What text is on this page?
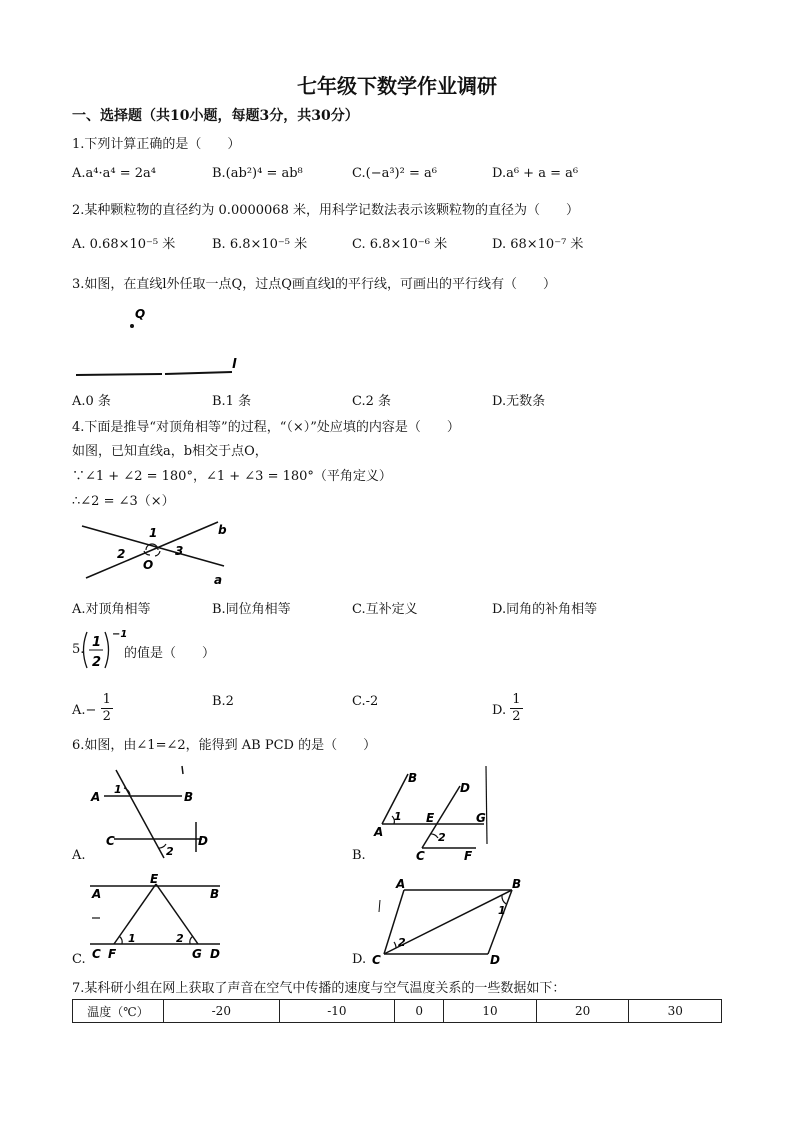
七年级下数学作业调研
一、选择题（共10小题，每题3分，共30分）
1.下列计算正确的是（　　）
A.a⁴·a⁴ = 2a⁴	B.(ab²)⁴ = ab⁸	C.(−a³)² = a⁶	D.a⁶ + a = a⁶
2.某种颗粒物的直径约为 0.0000068 米，用科学记数法表示该颗粒物的直径为（　　）
A. 0.68×10⁻⁵ 米	B. 6.8×10⁻⁵ 米	C. 6.8×10⁻⁶ 米	D. 68×10⁻⁷ 米
3.如图，在直线l外任取一点Q，过点Q画直线l的平行线，可画出的平行线有（　　）
Q
l
A.0 条	B.1 条	C.2 条	D.无数条
4.下面是推导“对顶角相等”的过程，“（×）”处应填的内容是（　　）
如图，已知直线a，b相交于点O，
∵∠1 + ∠2 = 180°，∠1 + ∠3 = 180°（平角定义）
∴∠2 = ∠3（×）
1
2	3
O
b
a
A.对顶角相等	B.同位角相等	C.互补定义	D.同角的补角相等
5. 1
2
−1
的值是（　　）
$A.- \frac{1}{2}$	B.2	C.-2
D. $\frac{1}{2}$
6.如图，由∠1=∠2，能得到 AB PCD 的是（　　）
A	B
C	D
1
2
A.
B
D
A
E	G
C	F
1
2
B.
A
E
B
C F	G D
1	2
C.
A	B
C	D
2
1
D.
7.某科研小组在网上获取了声音在空气中传播的速度与空气温度关系的一些数据如下：
温度（℃）	-20	-10	0	10	20	30
